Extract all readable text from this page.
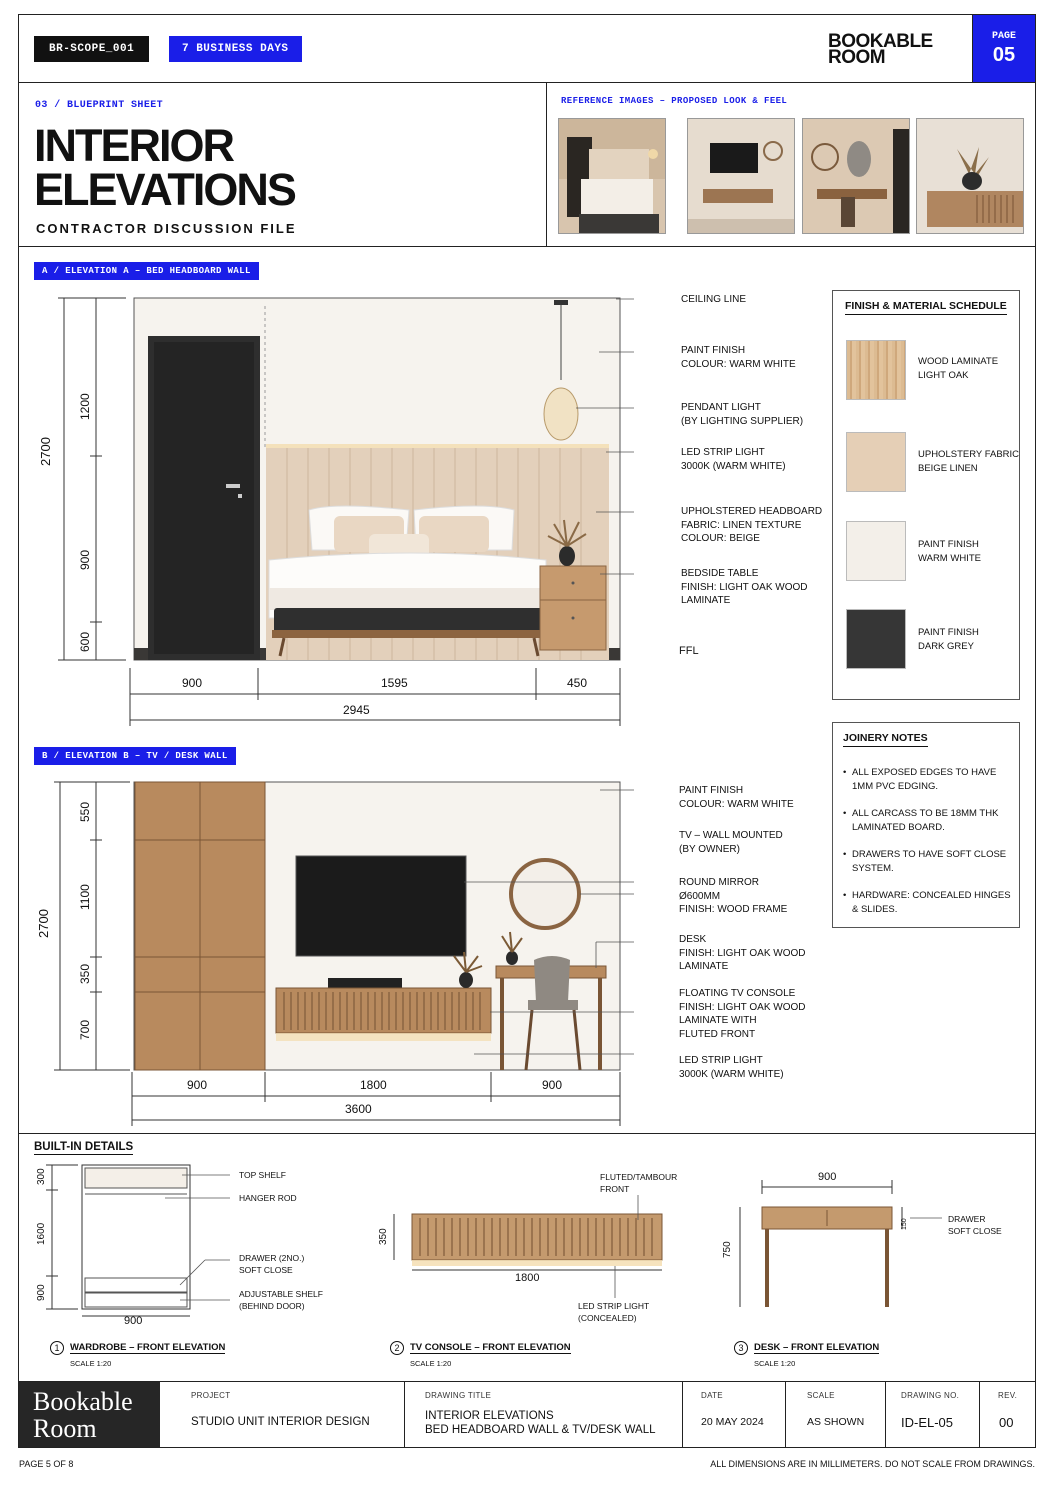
BR-SCOPE_001	7 BUSINESS DAYS	BOOKABLE
ROOM
PAGE
05
03 / BLUEPRINT SHEET
INTERIOR
ELEVATIONS
CONTRACTOR DISCUSSION FILE
REFERENCE IMAGES – PROPOSED LOOK & FEEL
A / ELEVATION A – BED HEADBOARD WALL
2700
1200
900
600
900	1595	450
2945
FFL
CEILING LINE
PAINT FINISH
COLOUR: WARM WHITE
PENDANT LIGHT
(BY LIGHTING SUPPLIER)
LED STRIP LIGHT
3000K (WARM WHITE)
UPHOLSTERED HEADBOARD
FABRIC: LINEN TEXTURE
COLOUR: BEIGE
BEDSIDE TABLE
FINISH: LIGHT OAK WOOD
LAMINATE
FINISH & MATERIAL SCHEDULE
WOOD LAMINATE
LIGHT OAK
UPHOLSTERY FABRIC
BEIGE LINEN
PAINT FINISH
WARM WHITE
PAINT FINISH
DARK GREY
JOINERY NOTES
• ALL EXPOSED EDGES TO HAVE 1MM PVC EDGING.
• ALL CARCASS TO BE 18MM THK LAMINATED BOARD.
• DRAWERS TO HAVE SOFT CLOSE SYSTEM.
• HARDWARE: CONCEALED HINGES & SLIDES.
B / ELEVATION B – TV / DESK WALL
2700
550
1100
350
700
900	1800	900
3600
PAINT FINISH
COLOUR: WARM WHITE
TV – WALL MOUNTED
(BY OWNER)
ROUND MIRROR
Ø600MM
FINISH: WOOD FRAME
DESK
FINISH: LIGHT OAK WOOD
LAMINATE
FLOATING TV CONSOLE
FINISH: LIGHT OAK WOOD
LAMINATE WITH
FLUTED FRONT
LED STRIP LIGHT
3000K (WARM WHITE)
BUILT-IN DETAILS
300
1600
900
900
TOP SHELF
HANGER ROD
DRAWER (2NO.)
SOFT CLOSE
ADJUSTABLE SHELF
(BEHIND DOOR)
350
1800
FLUTED/TAMBOUR
FRONT
LED STRIP LIGHT
(CONCEALED)
900
750
150	DRAWER
SOFT CLOSE
1	WARDROBE – FRONT ELEVATION
SCALE 1:20
2	TV CONSOLE – FRONT ELEVATION
SCALE 1:20
3	DESK – FRONT ELEVATION
SCALE 1:20
Bookable
Room
PROJECT
STUDIO UNIT INTERIOR DESIGN
DRAWING TITLE
INTERIOR ELEVATIONS
BED HEADBOARD WALL & TV/DESK WALL
DATE
20 MAY 2024
SCALE
AS SHOWN
DRAWING NO.
ID-EL-05
REV.
00
PAGE 5 OF 8	ALL DIMENSIONS ARE IN MILLIMETERS. DO NOT SCALE FROM DRAWINGS.
